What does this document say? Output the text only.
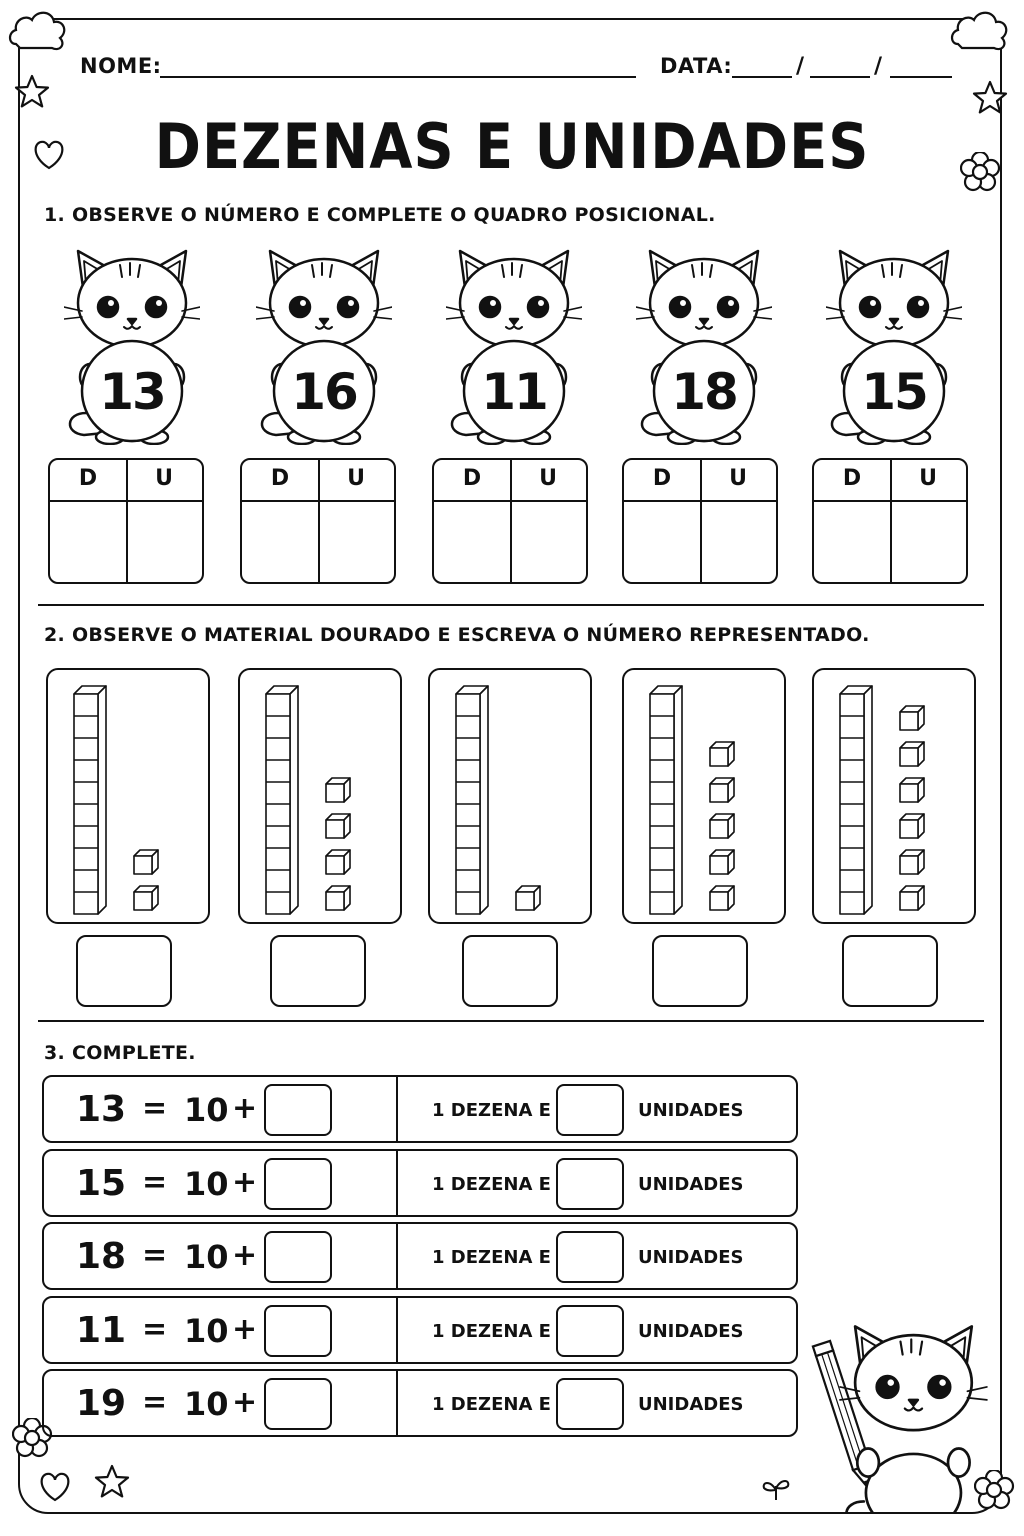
NOME:	DATA:	/	/
DEZENAS E UNIDADES
1. OBSERVE O NÚMERO E COMPLETE O QUADRO POSICIONAL.
13
D	U
16
D	U
11
D	U
18
D	U
15
D	U
2. OBSERVE O MATERIAL DOURADO E ESCREVA O NÚMERO REPRESENTADO.
3. COMPLETE.
13 = 10 +	1 DEZENA E	UNIDADES
15 = 10 +	1 DEZENA E	UNIDADES
18 = 10 +	1 DEZENA E	UNIDADES
11 = 10 +	1 DEZENA E	UNIDADES
19 = 10 +	1 DEZENA E	UNIDADES
